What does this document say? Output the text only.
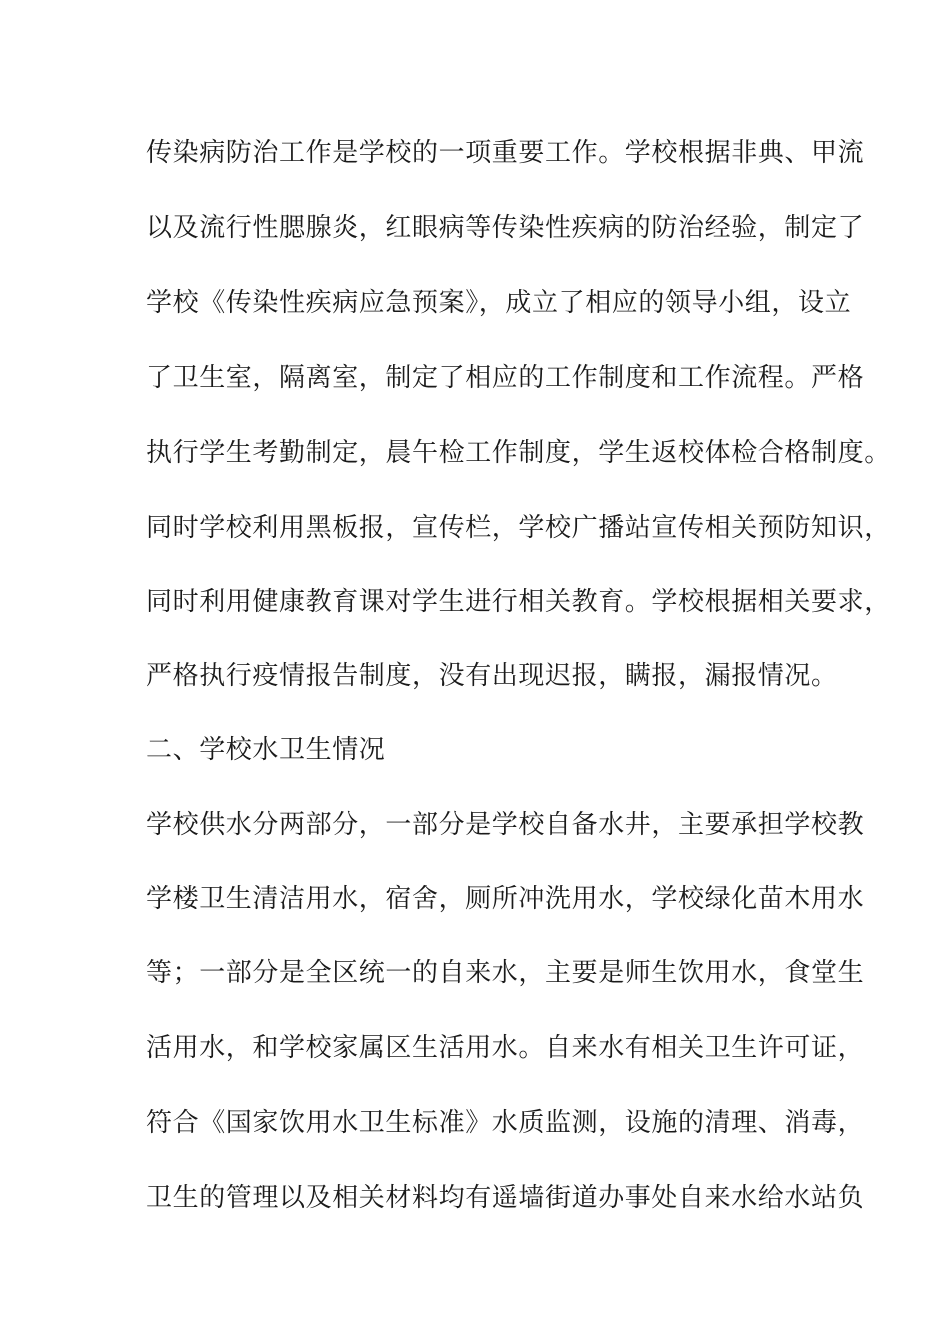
传染病防治工作是学校的一项重要工作。学校根据非典、甲流
以及流行性腮腺炎，红眼病等传染性疾病的防治经验，制定了
学校《传染性疾病应急预案》，成立了相应的领导小组，设立
了卫生室，隔离室，制定了相应的工作制度和工作流程。严格
执行学生考勤制定，晨午检工作制度，学生返校体检合格制度。
同时学校利用黑板报，宣传栏，学校广播站宣传相关预防知识，
同时利用健康教育课对学生进行相关教育。学校根据相关要求，
严格执行疫情报告制度，没有出现迟报，瞒报，漏报情况。
二、学校水卫生情况
学校供水分两部分，一部分是学校自备水井，主要承担学校教
学楼卫生清洁用水，宿舍，厕所冲洗用水，学校绿化苗木用水
等；一部分是全区统一的自来水，主要是师生饮用水，食堂生
活用水，和学校家属区生活用水。自来水有相关卫生许可证，
符合《国家饮用水卫生标准》水质监测，设施的清理、消毒，
卫生的管理以及相关材料均有遥墙街道办事处自来水给水站负
